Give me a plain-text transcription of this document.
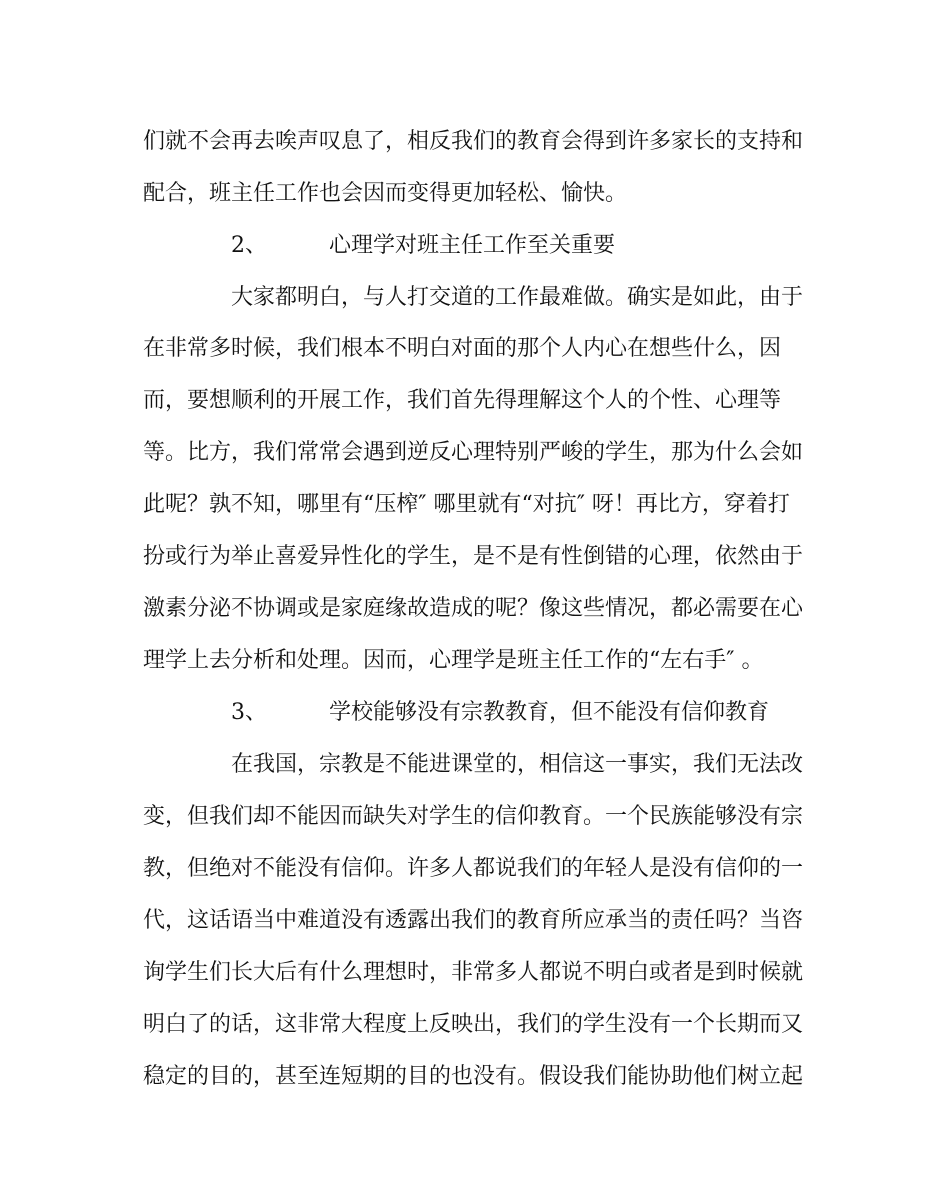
们就不会再去唉声叹息了，相反我们的教育会得到许多家长的支持和
配合，班主任工作也会因而变得更加轻松、愉快。
2、	心理学对班主任工作至关重要
大家都明白，与人打交道的工作最难做。确实是如此，由于
在非常多时候，我们根本不明白对面的那个人内心在想些什么，因
而，要想顺利的开展工作，我们首先得理解这个人的个性、心理等
等。比方，我们常常会遇到逆反心理特别严峻的学生，那为什么会如
此呢？孰不知，哪里有“压榨″ 哪里就有“对抗″ 呀！再比方，穿着打
扮或行为举止喜爱异性化的学生，是不是有性倒错的心理，依然由于
激素分泌不协调或是家庭缘故造成的呢？像这些情况，都必需要在心
理学上去分析和处理。因而，心理学是班主任工作的“左右手″ 。
3、	学校能够没有宗教教育，但不能没有信仰教育
在我国，宗教是不能进课堂的，相信这一事实，我们无法改
变，但我们却不能因而缺失对学生的信仰教育。一个民族能够没有宗
教，但绝对不能没有信仰。许多人都说我们的年轻人是没有信仰的一
代，这话语当中难道没有透露出我们的教育所应承当的责任吗？当咨
询学生们长大后有什么理想时，非常多人都说不明白或者是到时候就
明白了的话，这非常大程度上反映出，我们的学生没有一个长期而又
稳定的目的，甚至连短期的目的也没有。假设我们能协助他们树立起
